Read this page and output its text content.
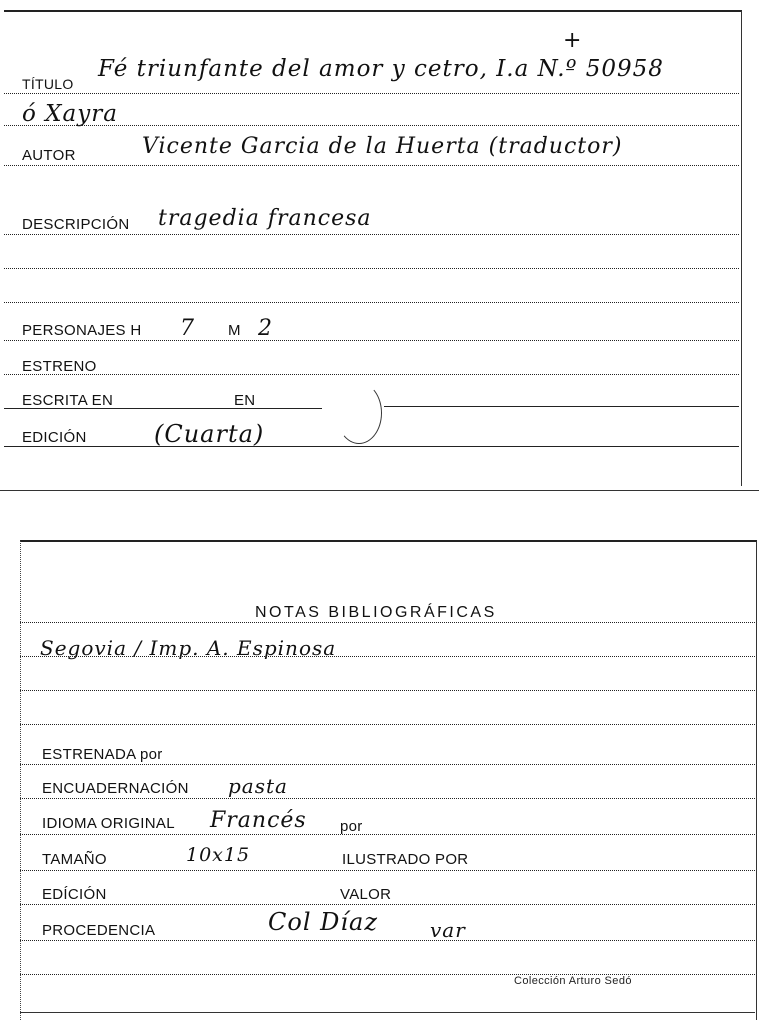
+
TÍTULO
Fé triunfante del amor y cetro, I.a N.º 50958
ó Xayra
AUTOR	Vicente Garcia de la Huerta (traductor)
DESCRIPCIÓN tragedia francesa
PERSONAJES H 7 M 2
ESTRENO
ESCRITA EN	EN
EDICIÓN	(Cuarta)
NOTAS BIBLIOGRÁFICAS
Segovia / Imp. A. Espinosa
ESTRENADA por
ENCUADERNACIÓN pasta
IDIOMA ORIGINAL Francés por
TAMAÑO	10x15	ILUSTRADO POR
EDÍCIÓN	VALOR
PROCEDENCIA	Col Díaz	var
Colección Arturo Sedó
